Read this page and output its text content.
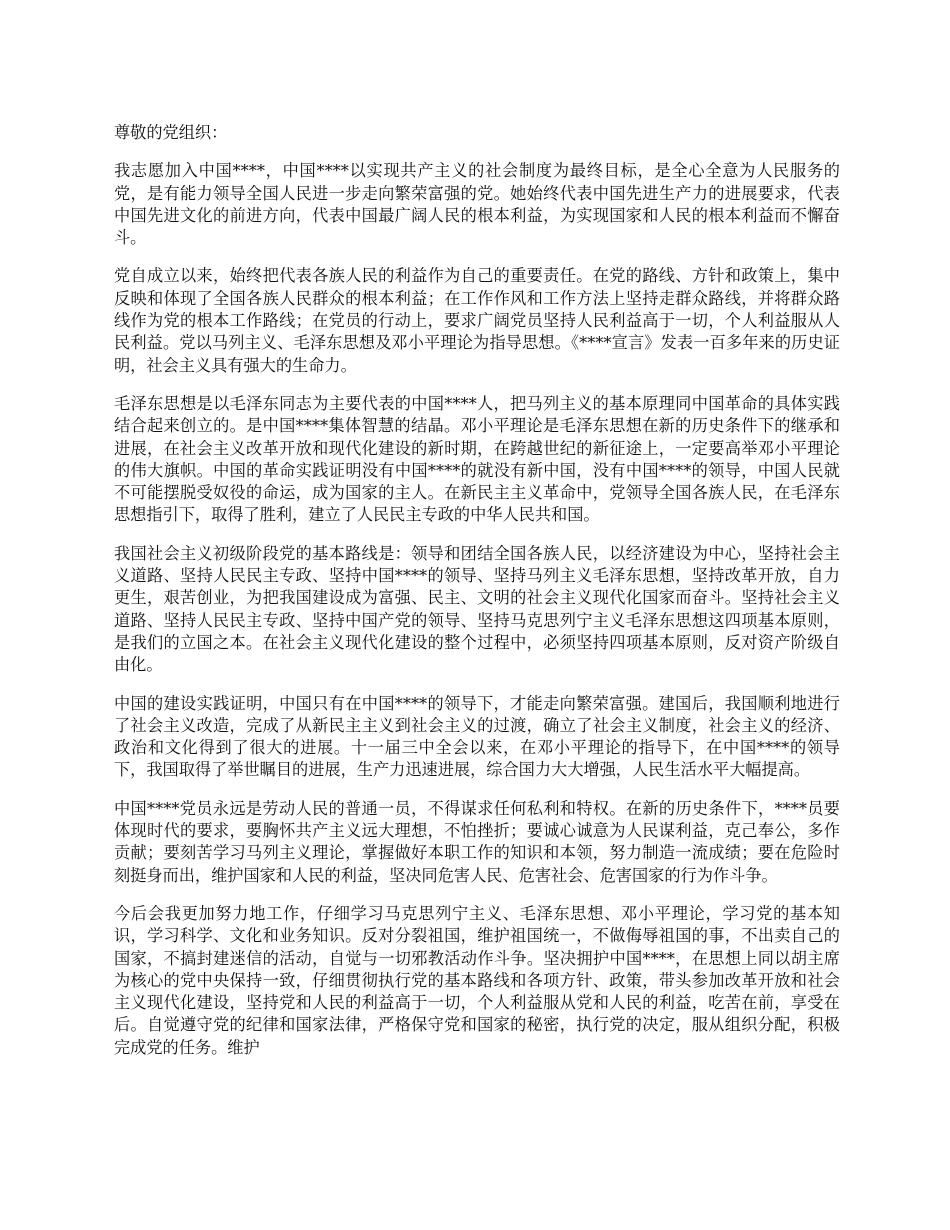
尊敬的党组织：

我志愿加入中国****，中国****以实现共产主义的社会制度为最终目标，是全心全意为人民服务的党，是有能力领导全国人民进一步走向繁荣富强的党。她始终代表中国先进生产力的进展要求，代表中国先进文化的前进方向，代表中国最广阔人民的根本利益，为实现国家和人民的根本利益而不懈奋斗。

党自成立以来，始终把代表各族人民的利益作为自己的重要责任。在党的路线、方针和政策上，集中反映和体现了全国各族人民群众的根本利益；在工作作风和工作方法上坚持走群众路线，并将群众路线作为党的根本工作路线；在党员的行动上，要求广阔党员坚持人民利益高于一切，个人利益服从人民利益。党以马列主义、毛泽东思想及邓小平理论为指导思想。《****宣言》发表一百多年来的历史证明，社会主义具有强大的生命力。

毛泽东思想是以毛泽东同志为主要代表的中国****人，把马列主义的基本原理同中国革命的具体实践结合起来创立的。是中国****集体智慧的结晶。邓小平理论是毛泽东思想在新的历史条件下的继承和进展，在社会主义改革开放和现代化建设的新时期，在跨越世纪的新征途上，一定要高举邓小平理论的伟大旗帜。中国的革命实践证明没有中国****的就没有新中国，没有中国****的领导，中国人民就不可能摆脱受奴役的命运，成为国家的主人。在新民主主义革命中，党领导全国各族人民，在毛泽东思想指引下，取得了胜利，建立了人民民主专政的中华人民共和国。

我国社会主义初级阶段党的基本路线是：领导和团结全国各族人民，以经济建设为中心，坚持社会主义道路、坚持人民民主专政、坚持中国****的领导、坚持马列主义毛泽东思想，坚持改革开放，自力更生，艰苦创业，为把我国建设成为富强、民主、文明的社会主义现代化国家而奋斗。坚持社会主义道路、坚持人民民主专政、坚持中国产党的领导、坚持马克思列宁主义毛泽东思想这四项基本原则，是我们的立国之本。在社会主义现代化建设的整个过程中，必须坚持四项基本原则，反对资产阶级自由化。

中国的建设实践证明，中国只有在中国****的领导下，才能走向繁荣富强。建国后，我国顺利地进行了社会主义改造，完成了从新民主主义到社会主义的过渡，确立了社会主义制度，社会主义的经济、政治和文化得到了很大的进展。十一届三中全会以来，在邓小平理论的指导下，在中国****的领导下，我国取得了举世瞩目的进展，生产力迅速进展，综合国力大大增强，人民生活水平大幅提高。

中国****党员永远是劳动人民的普通一员，不得谋求任何私利和特权。在新的历史条件下，****员要体现时代的要求，要胸怀共产主义远大理想，不怕挫折；要诚心诚意为人民谋利益，克己奉公，多作贡献；要刻苦学习马列主义理论，掌握做好本职工作的知识和本领，努力制造一流成绩；要在危险时刻挺身而出，维护国家和人民的利益，坚决同危害人民、危害社会、危害国家的行为作斗争。

今后会我更加努力地工作，仔细学习马克思列宁主义、毛泽东思想、邓小平理论，学习党的基本知识，学习科学、文化和业务知识。反对分裂祖国，维护祖国统一，不做侮辱祖国的事，不出卖自己的国家，不搞封建迷信的活动，自觉与一切邪教活动作斗争。坚决拥护中国****，在思想上同以胡主席为核心的党中央保持一致，仔细贯彻执行党的基本路线和各项方针、政策，带头参加改革开放和社会主义现代化建设，坚持党和人民的利益高于一切，个人利益服从党和人民的利益，吃苦在前，享受在后。自觉遵守党的纪律和国家法律，严格保守党和国家的秘密，执行党的决定，服从组织分配，积极完成党的任务。维护
